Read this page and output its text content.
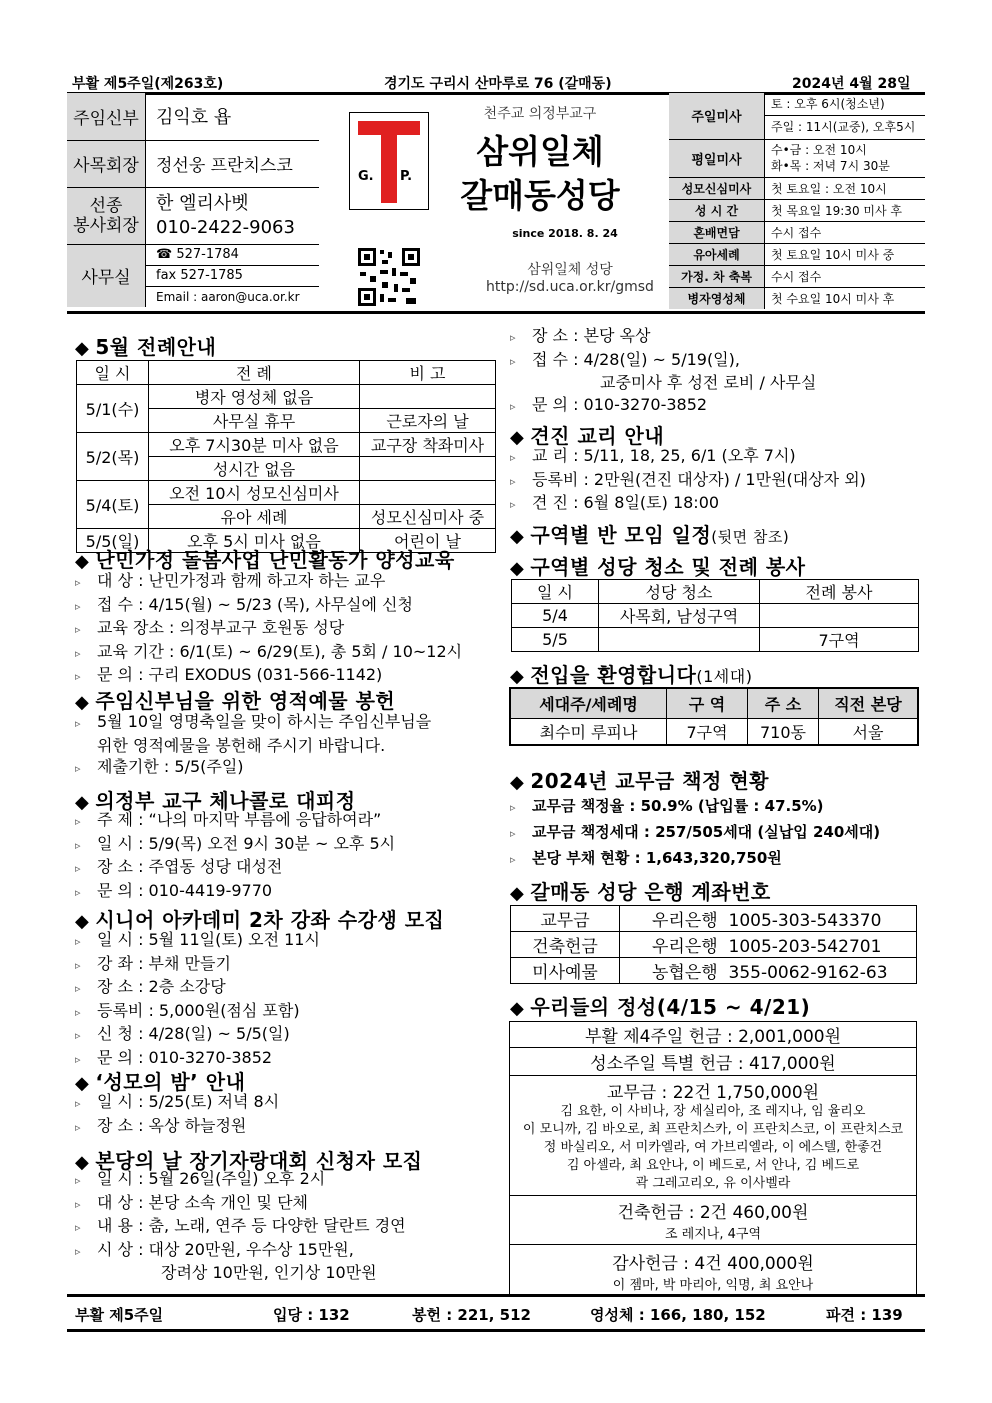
부활 제5주일(제263호)	경기도 구리시 산마루로 76 (갈매동)	2024년 4월 28일
주임신부	김익호 욥
사목회장	정선웅 프란치스코
선종
봉사회장	한 엘리사벳
010-2422-9063
사무실	☎ 527-1784
fax 527-1785
Email : aaron@uca.or.kr
G. P.
천주교 의정부교구
삼위일체
갈매동성당
since 2018. 8. 24
삼위일체 성당
http://sd.uca.or.kr/gmsd
주일미사	토 : 오후 6시(청소년)
주일 : 11시(교중), 오후5시

평일미사	수•금 : 오전 10시
화•목 : 저녁 7시 30분

성모신심미사	첫 토요일 : 오전 10시
성 시 간	첫 목요일 19:30 미사 후
혼배면담	수시 접수
유아세례	첫 토요일 10시 미사 중
가정. 차 축복	수시 접수
병자영성체	첫 수요일 10시 미사 후
◆ 5월 전례안내
일 시	전 례	비 고
5/1(수)	병자 영성체 없음	
	사무실 휴무	근로자의 날
5/2(목)	오후 7시30분 미사 없음	교구장 착좌미사
	성시간 없음	
5/4(토)	오전 10시 성모신심미사	
	유아 세례	성모신심미사 중
5/5(일)	오후 5시 미사 없음	어린이 날
◆ 난민가정 돌봄사업 난민활동가 양성교육
▹ 대 상 : 난민가정과 함께 하고자 하는 교우
▹ 접 수 : 4/15(월) ~ 5/23 (목), 사무실에 신청
▹ 교육 장소 : 의정부교구 호원동 성당
▹ 교육 기간 : 6/1(토) ~ 6/29(토), 총 5회 / 10~12시
▹ 문 의 : 구리 EXODUS (031-566-1142)
◆ 주임신부님을 위한 영적예물 봉헌
▹ 5월 10일 영명축일을 맞이 하시는 주임신부님을
위한 영적예물을 봉헌해 주시기 바랍니다.
▹ 제출기한 : 5/5(주일)
◆ 의정부 교구 체나콜로 대피정
▹ 주 제 : “나의 마지막 부름에 응답하여라”
▹ 일 시 : 5/9(목) 오전 9시 30분 ~ 오후 5시
▹ 장 소 : 주엽동 성당 대성전
▹ 문 의 : 010-4419-9770
◆ 시니어 아카데미 2차 강좌 수강생 모집
▹ 일 시 : 5월 11일(토) 오전 11시
▹ 강 좌 : 부채 만들기
▹ 장 소 : 2층 소강당
▹ 등록비 : 5,000원(점심 포함)
▹ 신 청 : 4/28(일) ~ 5/5(일)
▹ 문 의 : 010-3270-3852
◆ ‘성모의 밤’ 안내
▹ 일 시 : 5/25(토) 저녁 8시
▹ 장 소 : 옥상 하늘정원
◆ 본당의 날 장기자랑대회 신청자 모집
▹ 일 시 : 5월 26일(주일) 오후 2시
▹ 대 상 : 본당 소속 개인 및 단체
▹ 내 용 : 춤, 노래, 연주 등 다양한 달란트 경연
▹ 시 상 : 대상 20만원, 우수상 15만원,
장려상 10만원, 인기상 10만원
▹ 장 소 : 본당 옥상
▹ 접 수 : 4/28(일) ~ 5/19(일),
교중미사 후 성전 로비 / 사무실
▹ 문 의 : 010-3270-3852
◆ 견진 교리 안내
▹ 교 리 : 5/11, 18, 25, 6/1 (오후 7시)
▹ 등록비 : 2만원(견진 대상자) / 1만원(대상자 외)
▹ 견 진 : 6월 8일(토) 18:00
◆ 구역별 반 모임 일정(뒷면 참조)
◆ 구역별 성당 청소 및 전례 봉사
일 시	성당 청소	전례 봉사
5/4	사목회, 남성구역	
5/5		7구역
◆ 전입을 환영합니다(1세대)
세대주/세례명	구 역	주 소	직전 본당
최수미 루피나	7구역	710동	서울
◆ 2024년 교무금 책정 현황
▹ 교무금 책정율 : 50.9% (납입률 : 47.5%)
▹ 교무금 책정세대 : 257/505세대 (실납입 240세대)
▹ 본당 부채 현황 : 1,643,320,750원
◆ 갈매동 성당 은행 계좌번호
교무금	우리은행 1005-303-543370
건축헌금	우리은행 1005-203-542701
미사예물	농협은행 355-0062-9162-63
◆ 우리들의 정성(4/15 ~ 4/21)
부활 제4주일 헌금 : 2,001,000원
성소주일 특별 헌금 : 417,000원

교무금 : 22건 1,750,000원
김 요한, 이 사비나, 장 세실리아, 조 레지나, 임 율리오
이 모니까, 김 바오로, 최 프란치스카, 이 프란치스코, 이 프란치스코
정 바실리오, 서 미카엘라, 여 가브리엘라, 이 에스텔, 한좋건
김 아셀라, 최 요안나, 이 베드로, 서 안나, 김 베드로
곽 그레고리오, 유 이사벨라

건축헌금 : 2건 460,00원
조 레지나, 4구역

감사헌금 : 4건 400,000원
이 젬마, 박 마리아, 익명, 최 요안나
부활 제5주일	입당 : 132	봉헌 : 221, 512	영성체 : 166, 180, 152	파견 : 139
